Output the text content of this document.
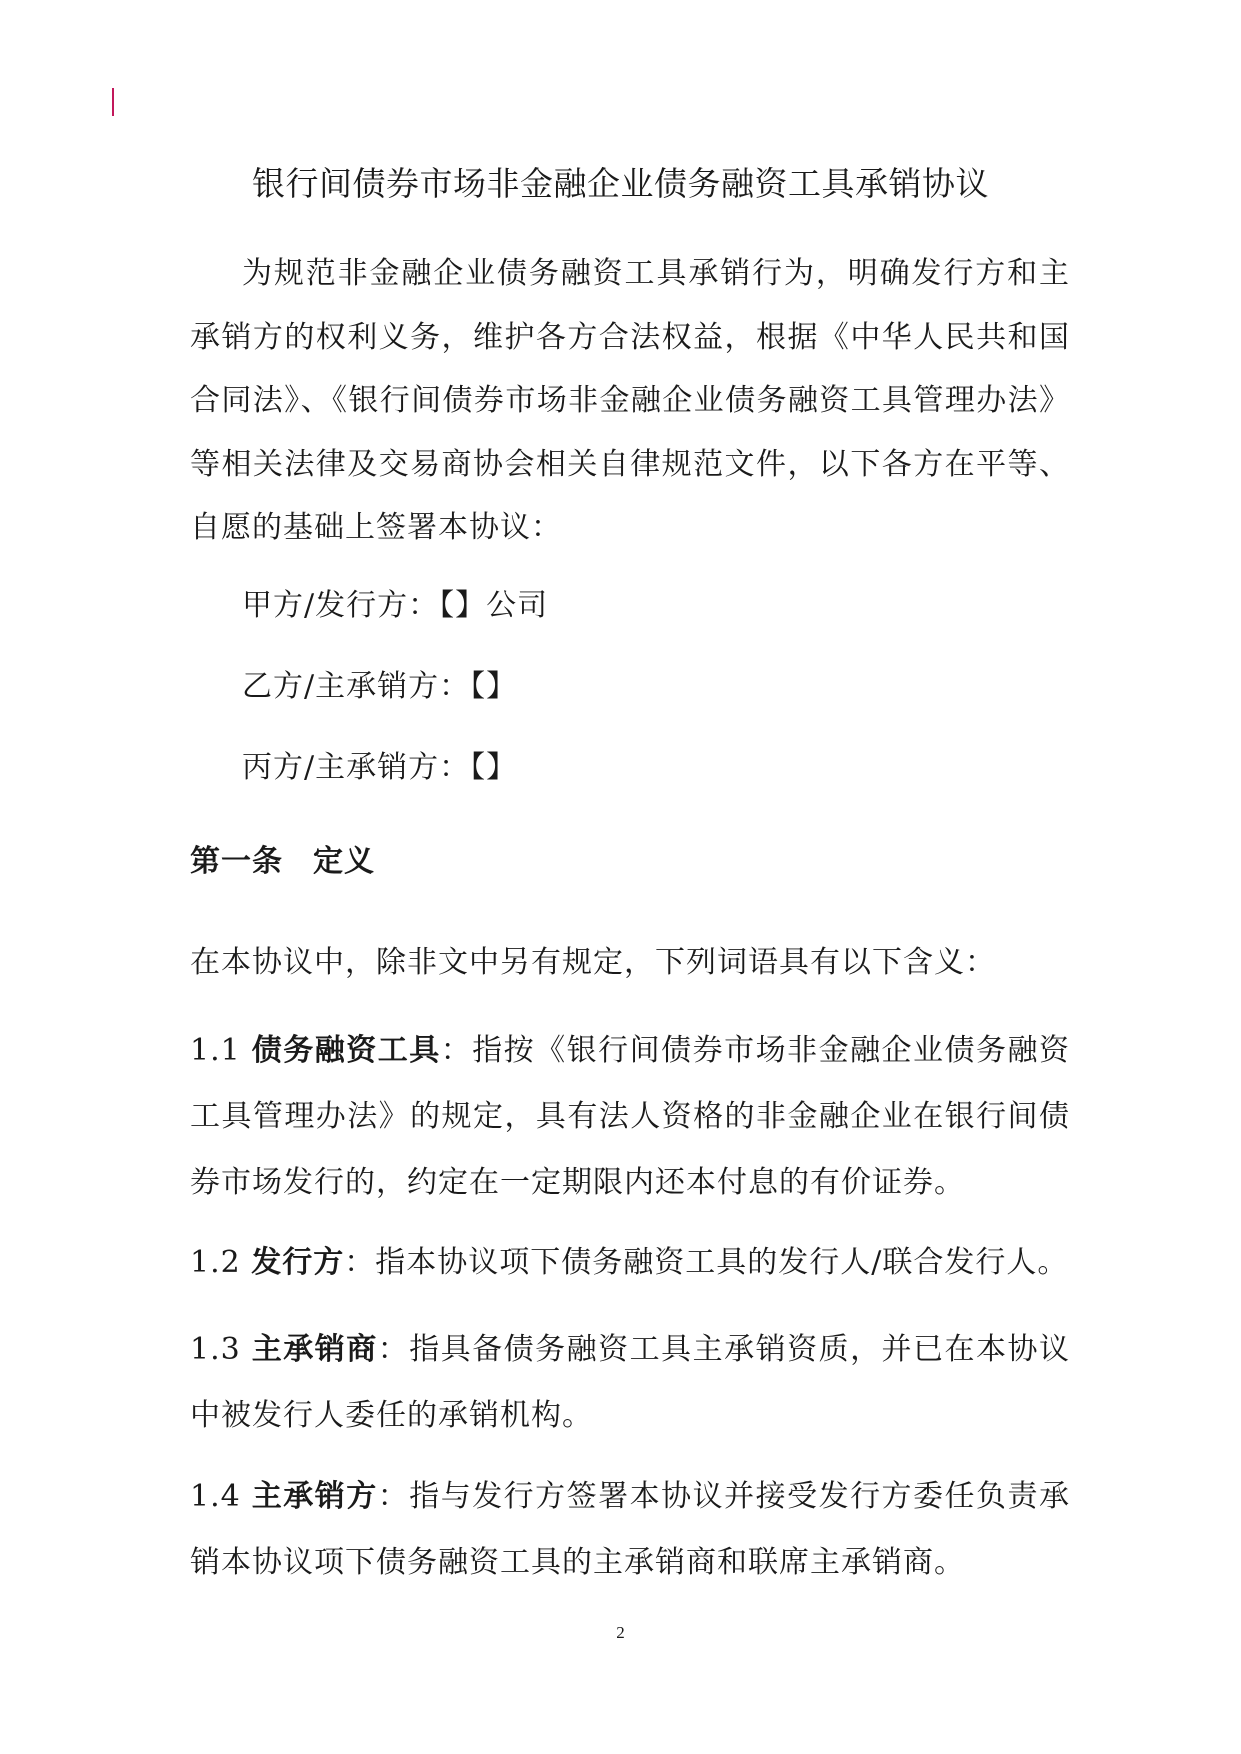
银行间债券市场非金融企业债务融资工具承销协议

为规范非金融企业债务融资工具承销行为，明确发行方和主承销方的权利义务，维护各方合法权益，根据《中华人民共和国合同法》、《银行间债券市场非金融企业债务融资工具管理办法》等相关法律及交易商协会相关自律规范文件，以下各方在平等、自愿的基础上签署本协议：

甲方/发行方：【】公司

乙方/主承销方：【】

丙方/主承销方：【】

第一条 定义

在本协议中，除非文中另有规定，下列词语具有以下含义：

1.1 债务融资工具：指按《银行间债券市场非金融企业债务融资工具管理办法》的规定，具有法人资格的非金融企业在银行间债券市场发行的，约定在一定期限内还本付息的有价证券。

1.2 发行方：指本协议项下债务融资工具的发行人/联合发行人。

1.3 主承销商：指具备债务融资工具主承销资质，并已在本协议中被发行人委任的承销机构。

1.4 主承销方：指与发行方签署本协议并接受发行方委任负责承销本协议项下债务融资工具的主承销商和联席主承销商。

2
